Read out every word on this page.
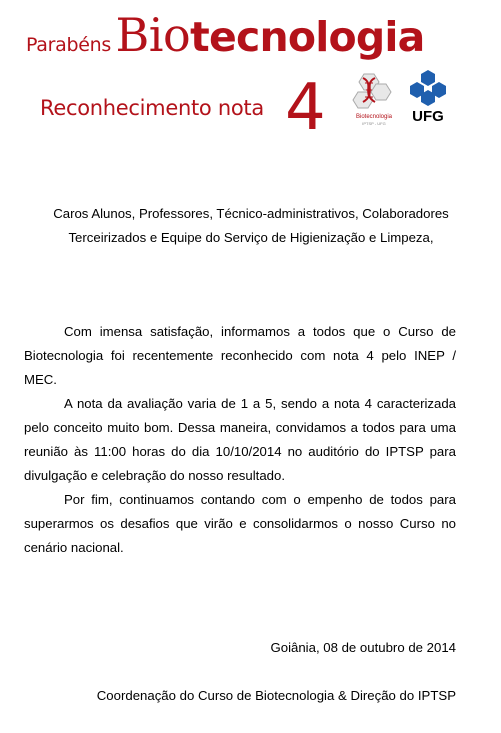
Parabéns Biotecnologia
Reconhecimento nota 4	Biotecnologia
IPTSP - UFG	UFG
Caros Alunos, Professores, Técnico-administrativos, Colaboradores
Terceirizados e Equipe do Serviço de Higienização e Limpeza,

Com imensa satisfação, informamos a todos que o Curso de Biotecnologia foi recentemente reconhecido com nota 4 pelo INEP / MEC.

A nota da avaliação varia de 1 a 5, sendo a nota 4 caracterizada pelo conceito muito bom. Dessa maneira, convidamos a todos para uma reunião às 11:00 horas do dia 10/10/2014 no auditório do IPTSP para divulgação e celebração do nosso resultado.

Por fim, continuamos contando com o empenho de todos para superarmos os desafios que virão e consolidarmos o nosso Curso no cenário nacional.

Goiânia, 08 de outubro de 2014
Coordenação do Curso de Biotecnologia & Direção do IPTSP
